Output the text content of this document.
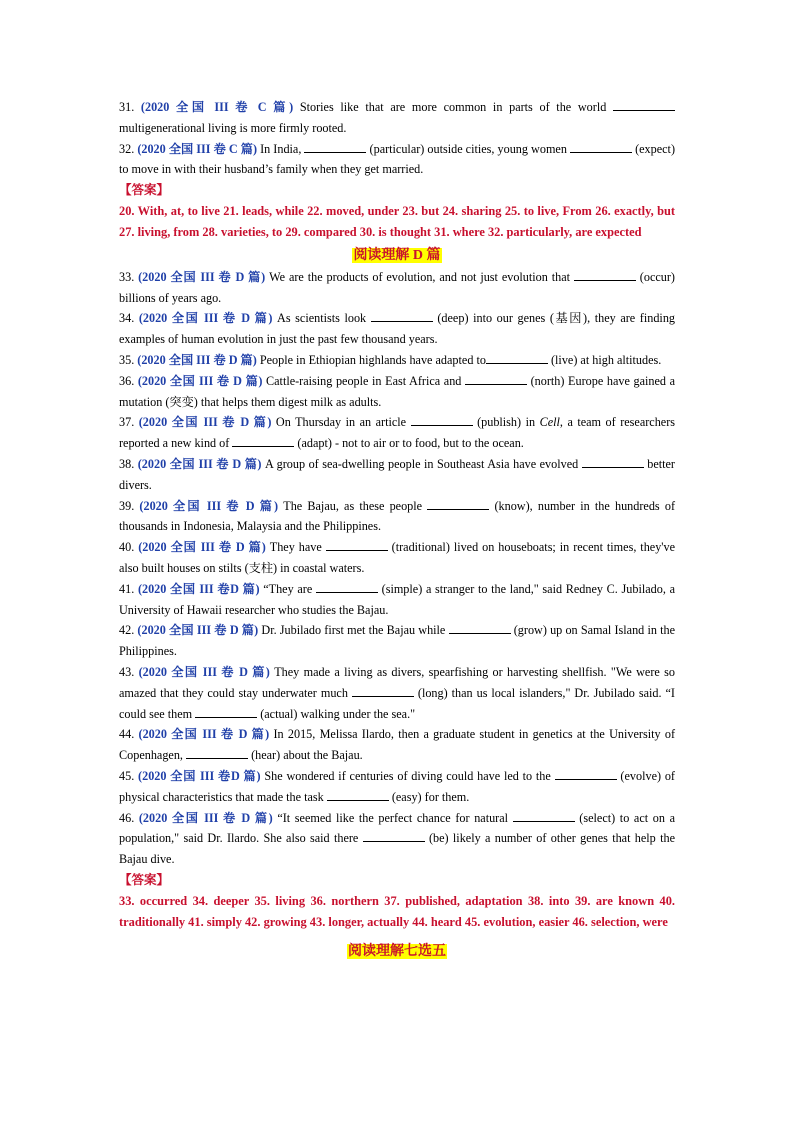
31. (2020 全国 III 卷 C 篇) Stories like that are more common in parts of the world  multigenerational living is more firmly rooted.
32. (2020 全国 III 卷 C 篇) In India,	(particular) outside cities, young women	(expect) to move in with their husband’s family when they get married.
【答案】
20. With, at, to live 21. leads, while 22. moved, under 23. but 24. sharing 25. to live, From 26. exactly, but 27. living, from 28. varieties, to 29. compared 30. is thought 31. where 32. particularly, are expected
阅读理解 D 篇
33. (2020 全国 III 卷 D 篇) We are the products of evolution, and not just evolution that	(occur) billions of years ago.
34. (2020 全国 III 卷 D 篇) As scientists look	(deep) into our genes (基因), they are finding examples of human evolution in just the past few thousand years.
35. (2020 全国 III 卷 D 篇) People in Ethiopian highlands have adapted to	(live) at high altitudes.
36. (2020 全国 III 卷 D 篇) Cattle-raising people in East Africa and	(north) Europe have gained a mutation (突变) that helps them digest milk as adults.
37. (2020 全国 III 卷 D 篇) On Thursday in an article	(publish) in Cell, a team of researchers reported a new kind of	(adapt) - not to air or to food, but to the ocean.
38. (2020 全国 III 卷 D 篇) A group of sea-dwelling people in Southeast Asia have evolved	better divers.
39. (2020 全国 III 卷 D 篇) The Bajau, as these people	(know), number in the hundreds of thousands in Indonesia, Malaysia and the Philippines.
40. (2020 全国 III 卷 D 篇) They have	(traditional) lived on houseboats; in recent times, they've also built houses on stilts (支柱) in coastal waters.
41. (2020 全国 III 卷D 篇) “They are	(simple) a stranger to the land," said Redney C. Jubilado, a University of Hawaii researcher who studies the Bajau.
42. (2020 全国 III 卷 D 篇) Dr. Jubilado first met the Bajau while	(grow) up on Samal Island in the Philippines.
43. (2020 全国 III 卷 D 篇) They made a living as divers, spearfishing or harvesting shellfish. "We were so amazed that they could stay underwater much	(long) than us local islanders," Dr. Jubilado said. “I could see them	(actual) walking under the sea."
44. (2020 全国 III 卷 D 篇) In 2015, Melissa Ilardo, then a graduate student in genetics at the University of Copenhagen,	(hear) about the Bajau.
45. (2020 全国 III 卷D 篇) She wondered if centuries of diving could have led to the	(evolve) of physical characteristics that made the task	(easy) for them.
46. (2020 全国 III 卷 D 篇) “It seemed like the perfect chance for natural	(select) to act on a population," said Dr. Ilardo. She also said there	(be) likely a number of other genes that help the Bajau dive.
【答案】
33. occurred 34. deeper 35. living 36. northern 37. published, adaptation 38. into 39. are known 40. traditionally 41. simply 42. growing 43. longer, actually 44. heard 45. evolution, easier 46. selection, were
阅读理解七选五
